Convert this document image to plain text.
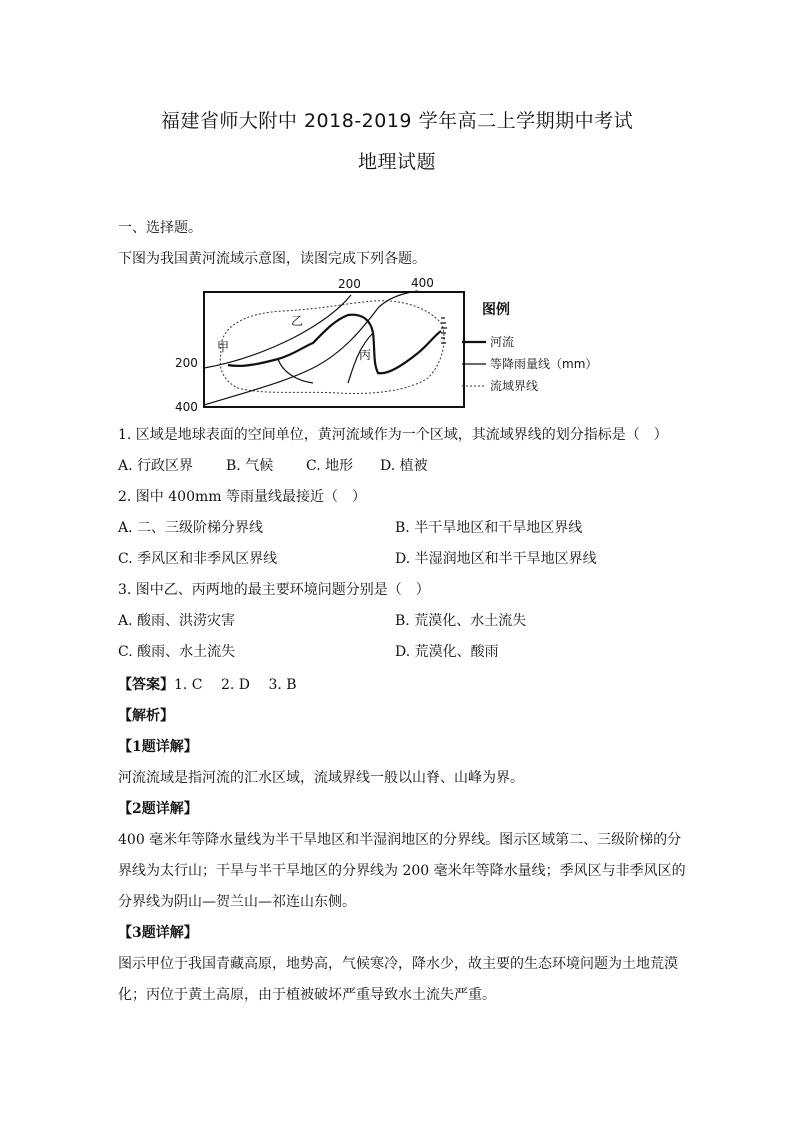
福建省师大附中 2018-2019 学年高二上学期期中考试
地理试题
一、选择题。
下图为我国黄河流域示意图，读图完成下列各题。
甲
乙
丙
200	400
200
400
图例
河流
等降雨量线（mm）
流域界线
1. 区域是地球表面的空间单位，黄河流域作为一个区域，其流域界线的划分指标是（　）
A. 行政区界 B. 气候 C. 地形 D. 植被
2. 图中 400mm 等雨量线最接近（　）
A. 二、三级阶梯分界线	B. 半干旱地区和干旱地区界线
C. 季风区和非季风区界线	D. 半湿润地区和半干旱地区界线
3. 图中乙、丙两地的最主要环境问题分别是（　）
A. 酸雨、洪涝灾害	B. 荒漠化、水土流失
C. 酸雨、水土流失	D. 荒漠化、酸雨
【答案】1. C　 2. D　 3. B
【解析】
【1题详解】
河流流域是指河流的汇水区域，流域界线一般以山脊、山峰为界。
【2题详解】
400 毫米年等降水量线为半干旱地区和半湿润地区的分界线。图示区域第二、三级阶梯的分
界线为太行山；干旱与半干旱地区的分界线为 200 毫米年等降水量线；季风区与非季风区的
分界线为阴山—贺兰山—祁连山东侧。
【3题详解】
图示甲位于我国青藏高原，地势高，气候寒冷，降水少，故主要的生态环境问题为土地荒漠
化；丙位于黄土高原，由于植被破坏严重导致水土流失严重。
